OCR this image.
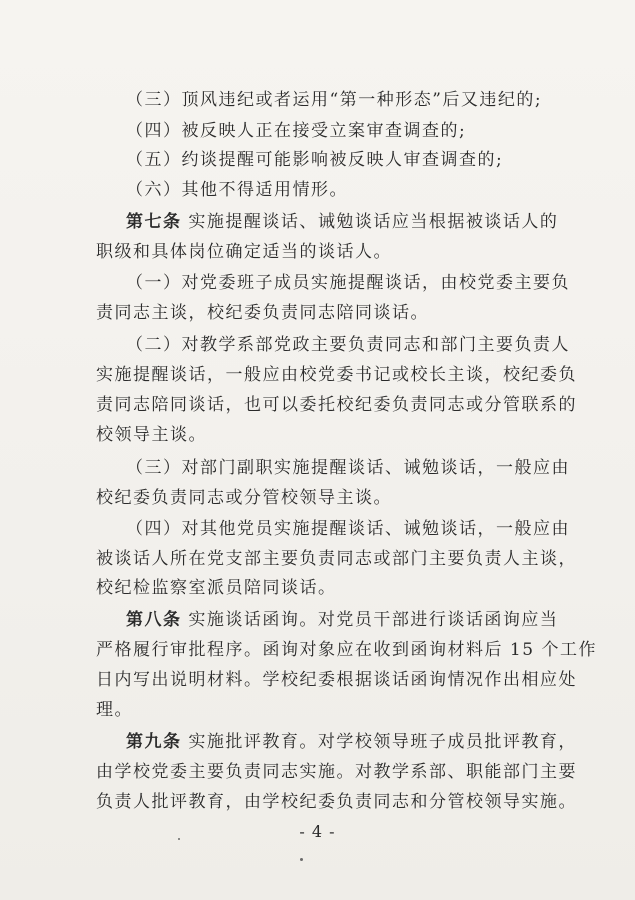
（三）顶风违纪或者运用“第一种形态”后又违纪的;
（四）被反映人正在接受立案审查调查的;
（五）约谈提醒可能影响被反映人审查调查的;
（六）其他不得适用情形。
第七条 实施提醒谈话、诫勉谈话应当根据被谈话人的
职级和具体岗位确定适当的谈话人。
（一）对党委班子成员实施提醒谈话，由校党委主要负
责同志主谈，校纪委负责同志陪同谈话。
（二）对教学系部党政主要负责同志和部门主要负责人
实施提醒谈话，一般应由校党委书记或校长主谈，校纪委负
责同志陪同谈话，也可以委托校纪委负责同志或分管联系的
校领导主谈。
（三）对部门副职实施提醒谈话、诫勉谈话，一般应由
校纪委负责同志或分管校领导主谈。
（四）对其他党员实施提醒谈话、诫勉谈话，一般应由
被谈话人所在党支部主要负责同志或部门主要负责人主谈，
校纪检监察室派员陪同谈话。
第八条 实施谈话函询。对党员干部进行谈话函询应当
严格履行审批程序。函询对象应在收到函询材料后 15 个工作
日内写出说明材料。学校纪委根据谈话函询情况作出相应处
理。
第九条 实施批评教育。对学校领导班子成员批评教育，
由学校党委主要负责同志实施。对教学系部、职能部门主要
负责人批评教育，由学校纪委负责同志和分管校领导实施。
- 4 -
